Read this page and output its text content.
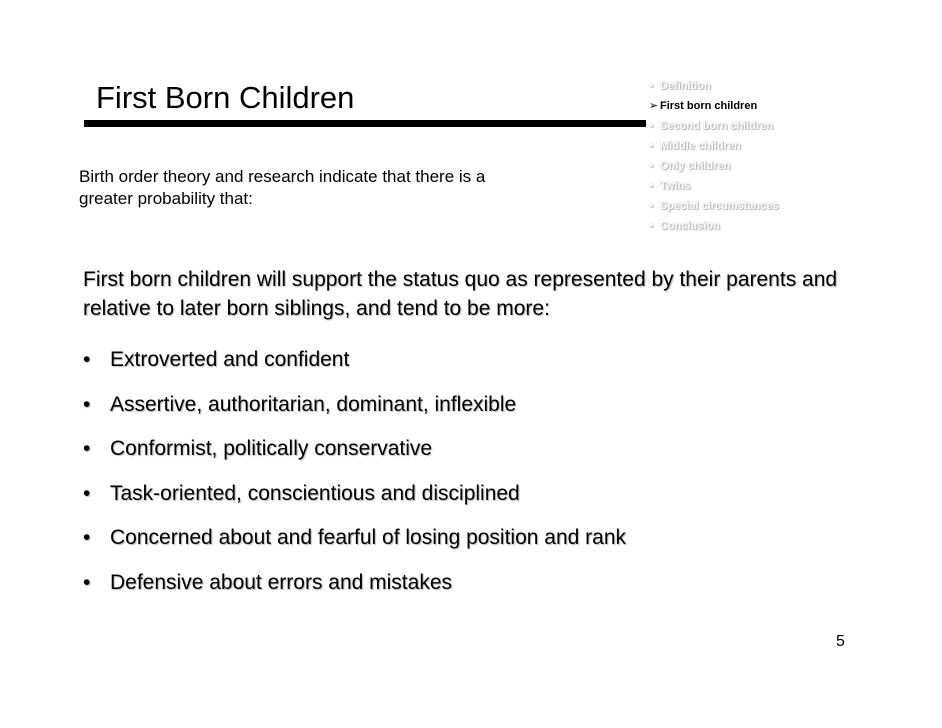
First Born Children	• Definition
➢ First born children
• Second born children
• Middle children
• Only children
• Twins
• Special circumstances
• Conclusion
Birth order theory and research indicate that there is a greater probability that:
First born children will support the status quo as represented by their parents and relative to later born siblings, and tend to be more:
• Extroverted and confident
• Assertive, authoritarian, dominant, inflexible
• Conformist, politically conservative
• Task-oriented, conscientious and disciplined
• Concerned about and fearful of losing position and rank
• Defensive about errors and mistakes
5
